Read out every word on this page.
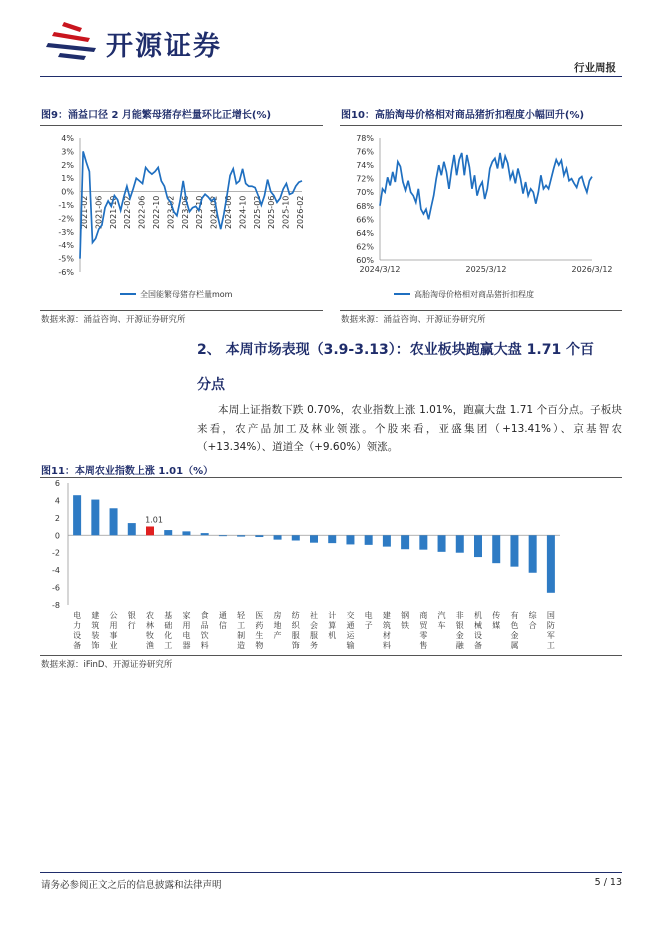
开源证券
行业周报
图9：涌益口径 2 月能繁母猪存栏量环比正增长(%)
4%
3%
2%
1%
0%
-1%
-2%
-3%
-4%
-5%
-6%
2021-02 2021-06 2021-10 2022-02 2022-06 2022-10 2023-02 2023-06 2023-10 2024-02 2024-06 2024-10 2025-02 2025-06 2025-10 2026-02
全国能繁母猪存栏量mom
数据来源：涌益咨询、开源证券研究所
图10：高胎淘母价格相对商品猪折扣程度小幅回升(%)
78%
76%
74%
72%
70%
68%
66%
64%
62%
60%
2024/3/12	2025/3/12	2026/3/12
高胎淘母价格相对商品猪折扣程度
数据来源：涌益咨询、开源证券研究所
2、 本周市场表现（3.9-3.13）：农业板块跑赢大盘 1.71 个百
分点
本周上证指数下跌 0.70%，农业指数上涨 1.01%，跑赢大盘 1.71 个百分点。子板块来看，农产品加工及林业领涨。个股来看，亚盛集团（+13.41%）、京基智农（+13.34%）、道道全（+9.60%）领涨。
图11：本周农业指数上涨 1.01（%）
6
4
2
0
-2
-4
-6
-8
电
力
设
备
建
筑
装
饰
公
用
事
业
银
行
1.01
农
林
牧
渔
基
础
化
工
家
用
电
器
食
品
饮
料
通
信
轻
工
制
造
医
药
生
物
房
地
产
纺
织
服
饰
社
会
服
务
计
算
机
交
通
运
输
电
子
建
筑
材
料
钢
铁
商
贸
零
售
汽
车
非
银
金
融
机
械
设
备
传
媒
有
色
金
属
综
合
国
防
军
工
数据来源：iFinD、开源证券研究所
请务必参阅正文之后的信息披露和法律声明	5 / 13
